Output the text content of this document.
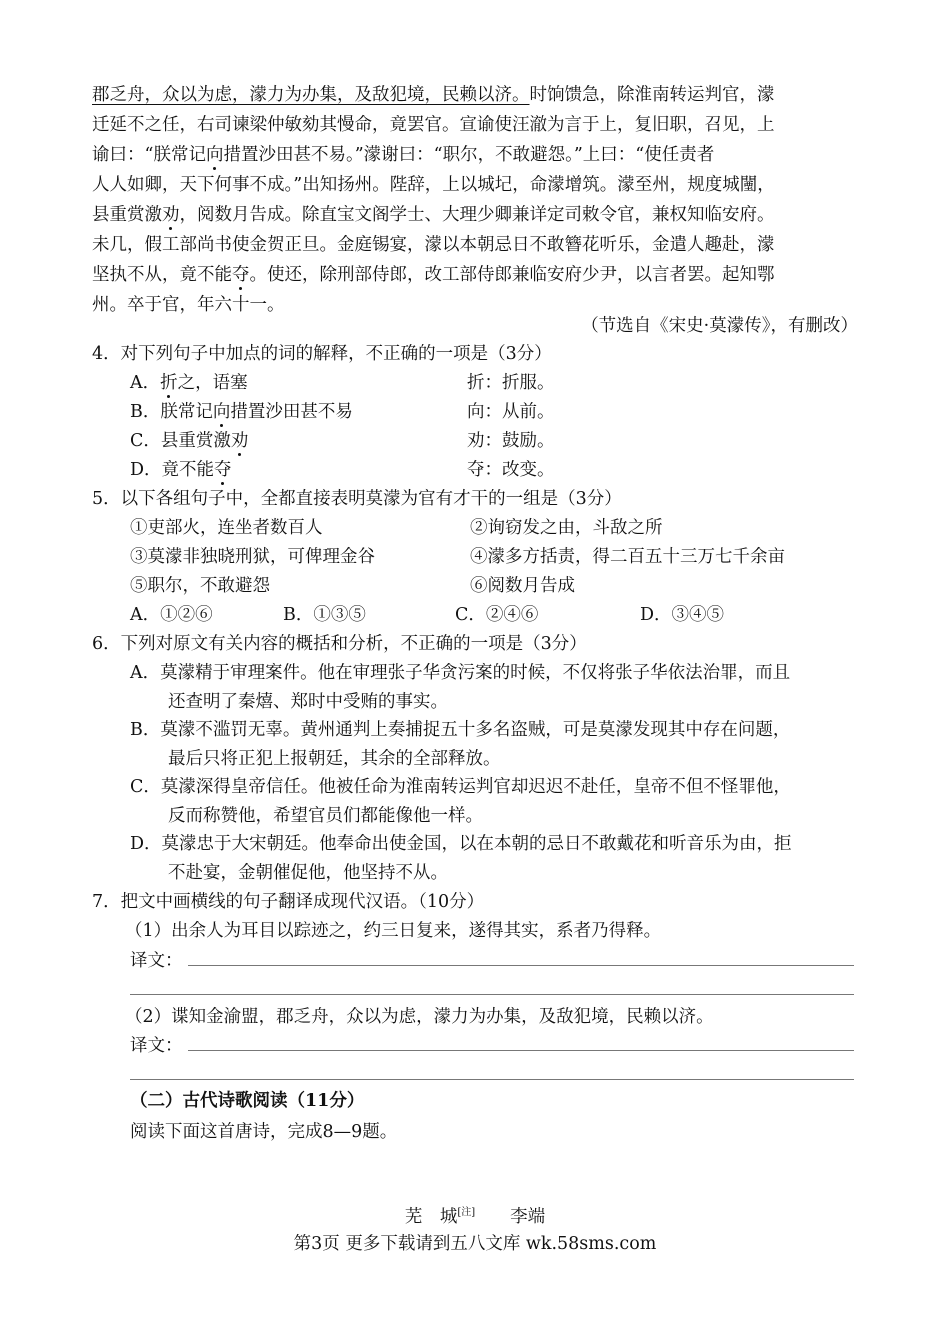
郡乏舟，众以为虑，濛力为办集，及敌犯境，民赖以济。时饷馈急，除淮南转运判官，濛
迁延不之任，右司谏梁仲敏劾其慢命，竟罢官。宣谕使汪澈为言于上，复旧职，召见，上
谕曰：“朕常记向措置沙田甚不易。”濛谢曰：“职尔，不敢避怨。”上曰：“使任责者
人人如卿，天下何事不成。”出知扬州。陛辞，上以城圮，命濛增筑。濛至州，规度城闉，
县重赏激劝，阅数月告成。除直宝文阁学士、大理少卿兼详定司敕令官，兼权知临安府。
未几，假工部尚书使金贺正旦。金庭锡宴，濛以本朝忌日不敢簪花听乐，金遣人趣赴，濛
坚执不从，竟不能夺。使还，除刑部侍郎，改工部侍郎兼临安府少尹，以言者罢。起知鄂
州。卒于官，年六十一。
（节选自《宋史·莫濛传》，有删改）
4．对下列句子中加点的词的解释，不正确的一项是（3分）
A．折之，语塞	折：折服。
B．朕常记向措置沙田甚不易	向：从前。
C．县重赏激劝	劝：鼓励。
D．竟不能夺	夺：改变。
5．以下各组句子中，全都直接表明莫濛为官有才干的一组是（3分）
①吏部火，连坐者数百人	②询窃发之由，斗敌之所
③莫濛非独晓刑狱，可俾理金谷	④濛多方括责，得二百五十三万七千余亩
⑤职尔，不敢避怨	⑥阅数月告成
A．①②⑥	B．①③⑤	C．②④⑥	D．③④⑤
6．下列对原文有关内容的概括和分析，不正确的一项是（3分）
A．莫濛精于审理案件。他在审理张子华贪污案的时候，不仅将张子华依法治罪，而且
还查明了秦熺、郑时中受贿的事实。
B．莫濛不滥罚无辜。黄州通判上奏捕捉五十多名盗贼，可是莫濛发现其中存在问题，
最后只将正犯上报朝廷，其余的全部释放。
C．莫濛深得皇帝信任。他被任命为淮南转运判官却迟迟不赴任，皇帝不但不怪罪他，
反而称赞他，希望官员们都能像他一样。
D．莫濛忠于大宋朝廷。他奉命出使金国，以在本朝的忌日不敢戴花和听音乐为由，拒
不赴宴，金朝催促他，他坚持不从。
7．把文中画横线的句子翻译成现代汉语。（10分）
（1）出余人为耳目以踪迹之，约三日复来，遂得其实，系者乃得释。
译文：
（2）谍知金渝盟，郡乏舟，众以为虑，濛力为办集，及敌犯境，民赖以济。
译文：
（二）古代诗歌阅读（11分）
阅读下面这首唐诗，完成8—9题。
芜　城[注]　　 李端
第3页 更多下载请到五八文库 wk.58sms.com
